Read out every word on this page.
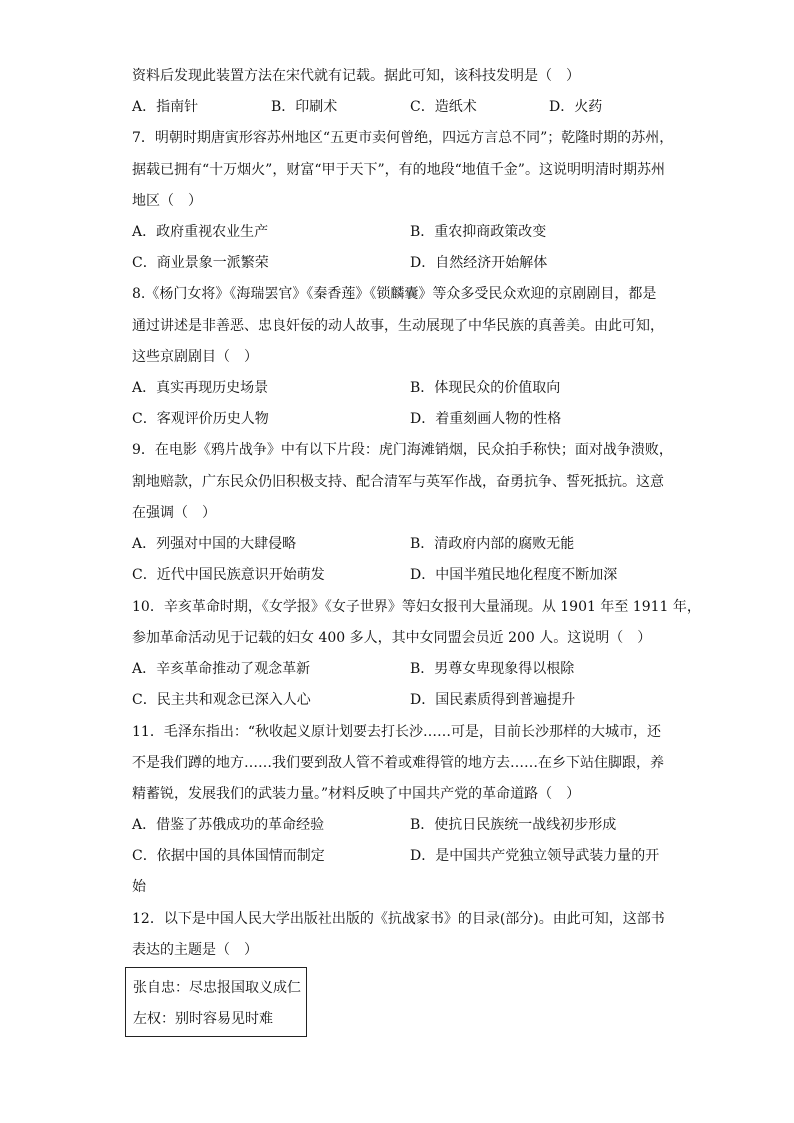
资料后发现此装置方法在宋代就有记载。据此可知，该科技发明是（　）
A．指南针	B．印刷术	C．造纸术	D．火药
7．明朝时期唐寅形容苏州地区“五更市卖何曾绝，四远方言总不同”；乾隆时期的苏州，
据载已拥有“十万烟火”，财富“甲于天下”，有的地段“地值千金”。这说明明清时期苏州
地区（　）
A．政府重视农业生产	B．重农抑商政策改变
C．商业景象一派繁荣	D．自然经济开始解体
8.《杨门女将》《海瑞罢官》《秦香莲》《锁麟囊》等众多受民众欢迎的京剧剧目，都是
通过讲述是非善恶、忠良奸佞的动人故事，生动展现了中华民族的真善美。由此可知，
这些京剧剧目（　）
A．真实再现历史场景	B．体现民众的价值取向
C．客观评价历史人物	D．着重刻画人物的性格
9．在电影《鸦片战争》中有以下片段：虎门海滩销烟，民众拍手称快；面对战争溃败，
割地赔款，广东民众仍旧积极支持、配合清军与英军作战，奋勇抗争、誓死抵抗。这意
在强调（　）
A．列强对中国的大肆侵略	B．清政府内部的腐败无能
C．近代中国民族意识开始萌发	D．中国半殖民地化程度不断加深
10．辛亥革命时期，《女学报》《女子世界》等妇女报刊大量涌现。从 1901 年至 1911 年，
参加革命活动见于记载的妇女 400 多人，其中女同盟会员近 200 人。这说明（　）
A．辛亥革命推动了观念革新	B．男尊女卑现象得以根除
C．民主共和观念已深入人心	D．国民素质得到普遍提升
11．毛泽东指出：“秋收起义原计划要去打长沙……可是，目前长沙那样的大城市，还
不是我们蹲的地方……我们要到敌人管不着或难得管的地方去……在乡下站住脚跟，养
精蓄锐，发展我们的武装力量。”材料反映了中国共产党的革命道路（　）
A．借鉴了苏俄成功的革命经验	B．使抗日民族统一战线初步形成
C．依据中国的具体国情而制定	D．是中国共产党独立领导武装力量的开
始
12．以下是中国人民大学出版社出版的《抗战家书》的目录(部分)。由此可知，这部书
表达的主题是（　）
张自忠：尽忠报国取义成仁
左权：别时容易见时难
